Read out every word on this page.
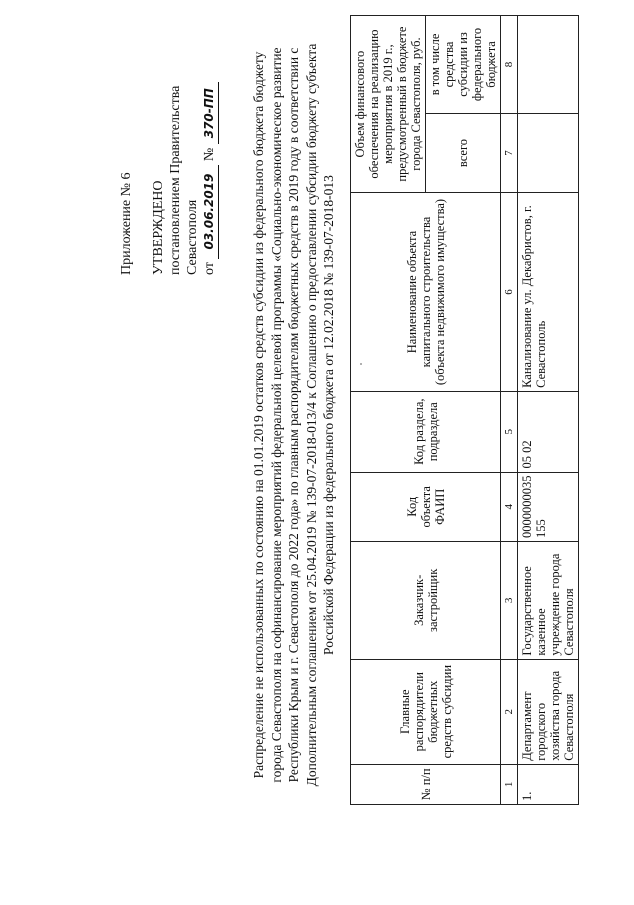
Приложение № 6 УТВЕРЖДЕНО постановлением Правительства Севастополя от 03.06.2019 № 370-ПП	Распределение не использованных по состоянию на 01.01.2019 остатков средств субсидии из федерального бюджета бюджету города Севастополя на софинансирование мероприятий федеральной целевой программы «Социально-экономическое развитие Республики Крым и г. Севастополя до 2022 года» по главным распорядителям бюджетных средств в 2019 году в соответствии с Дополнительным соглашением от 25.04.2019 № 139-07-2018-013/4 к Соглашению о предоставлении субсидии бюджету субъекта Российской Федерации из федерального бюджета от 12.02.2018 № 139-07-2018-013
№ п/п	Главные распорядители бюджетных средств субсидии	Заказчик-застройщик	Код объекта ФАИП	Код раздела, подраздела	Наименование объекта капитального строительства (объекта недвижимого имущества)	Объем финансового обеспечения на реализацию мероприятия в 2019 г., предусмотренный в бюджете города Севастополя, руб.	
						всего	в том числе средства субсидии из федерального бюджета
1	2	3	4	5	6	7	8
1.	Департамент городского хозяйства города Севастополя	Государственное казенное учреждение города Севастополя	0000000035155	05 02	Канализование ул. Декабристов, г. Севастополь		
